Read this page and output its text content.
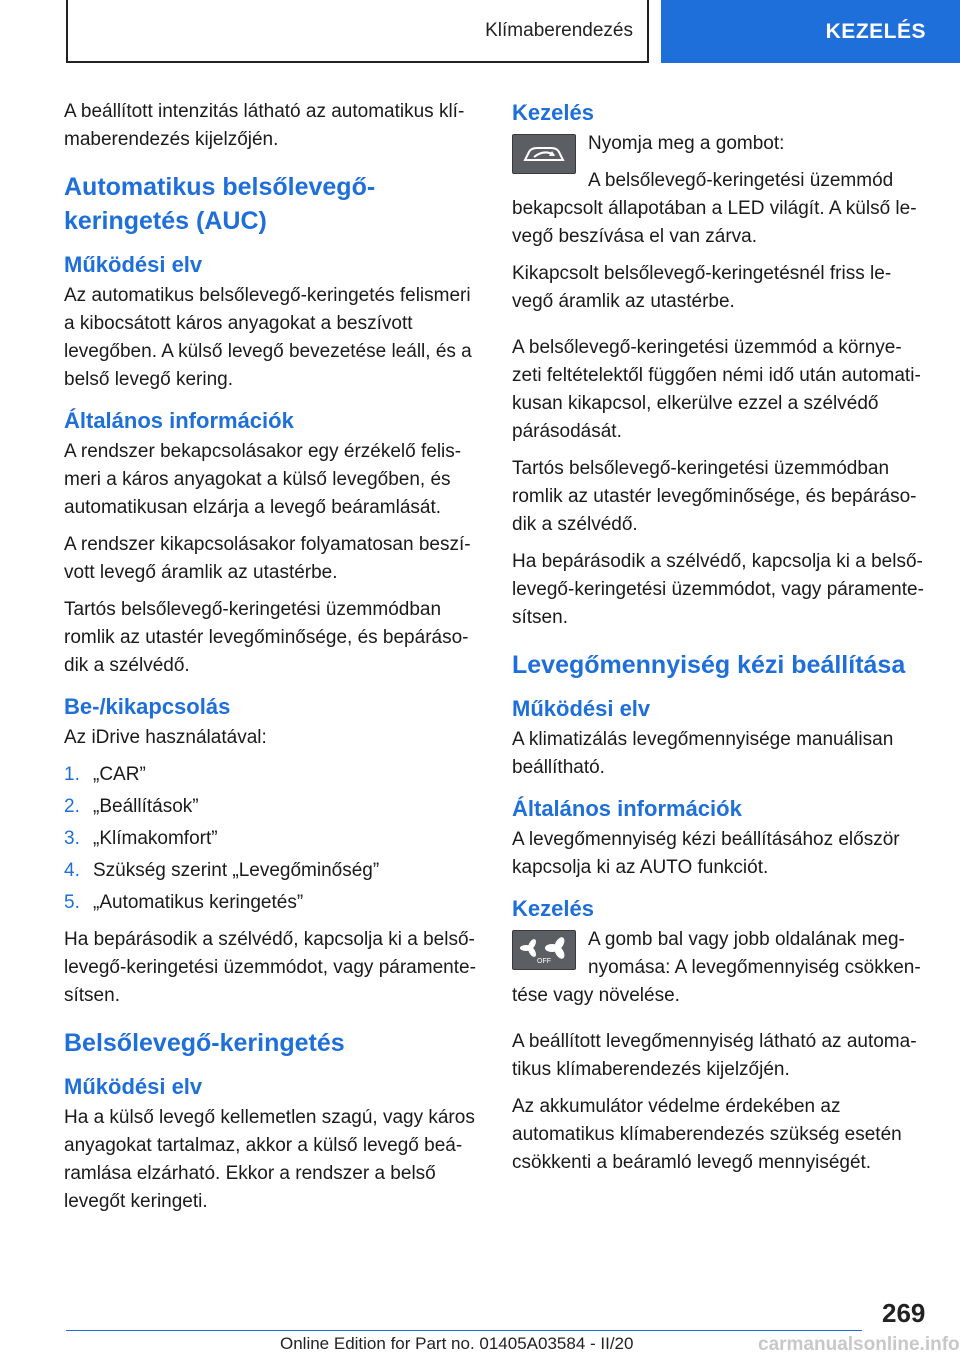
Klímaberendezés	KEZELÉS

A beállított intenzitás látható az automatikus klímaberendezés kijelzőjén.

Automatikus belsőlevegő-keringetés (AUC)
Működési elv

Az automatikus belsőlevegő-keringetés felismeri a kibocsátott káros anyagokat a beszívott levegőben. A külső levegő bevezetése leáll, és a belső levegő kering.

Általános információk

A rendszer bekapcsolásakor egy érzékelő felismeri a káros anyagokat a külső levegőben, és automatikusan elzárja a levegő beáramlását.

A rendszer kikapcsolásakor folyamatosan beszívott levegő áramlik az utastérbe.

Tartós belsőlevegő-keringetési üzemmódban romlik az utastér levegőminősége, és bepárásodik a szélvédő.

Be-/kikapcsolás

Az iDrive használatával:

1. „CAR”
2. „Beállítások”
3. „Klímakomfort”
4. Szükség szerint „Levegőminőség”
5. „Automatikus keringetés”

Ha bepárásodik a szélvédő, kapcsolja ki a belsőlevegő-keringetési üzemmódot, vagy páramentesítsen.

Belsőlevegő-keringetés
Működési elv

Ha a külső levegő kellemetlen szagú, vagy káros anyagokat tartalmaz, akkor a külső levegő beáramlása elzárható. Ekkor a rendszer a belső levegőt keringeti.

Kezelés

Nyomja meg a gombot:

A belsőlevegő-keringetési üzemmód bekapcsolt állapotában a LED világít. A külső levegő beszívása el van zárva.

Kikapcsolt belsőlevegő-keringetésnél friss levegő áramlik az utastérbe.

A belsőlevegő-keringetési üzemmód a környezeti feltételektől függően némi idő után automatikusan kikapcsol, elkerülve ezzel a szélvédő párásodását.

Tartós belsőlevegő-keringetési üzemmódban romlik az utastér levegőminősége, és bepárásodik a szélvédő.

Ha bepárásodik a szélvédő, kapcsolja ki a belsőlevegő-keringetési üzemmódot, vagy páramentesítsen.

Levegőmennyiség kézi beállítása
Működési elv

A klimatizálás levegőmennyisége manuálisan beállítható.

Általános információk

A levegőmennyiség kézi beállításához először kapcsolja ki az AUTO funkciót.

Kezelés
OFF

A gomb bal vagy jobb oldalának megnyomása: A levegőmennyiség csökkentése vagy növelése.

A beállított levegőmennyiség látható az automatikus klímaberendezés kijelzőjén.

Az akkumulátor védelme érdekében az automatikus klímaberendezés szükség esetén csökkenti a beáramló levegő mennyiségét.

269
Online Edition for Part no. 01405A03584 - II/20	carmanualsonline.info
